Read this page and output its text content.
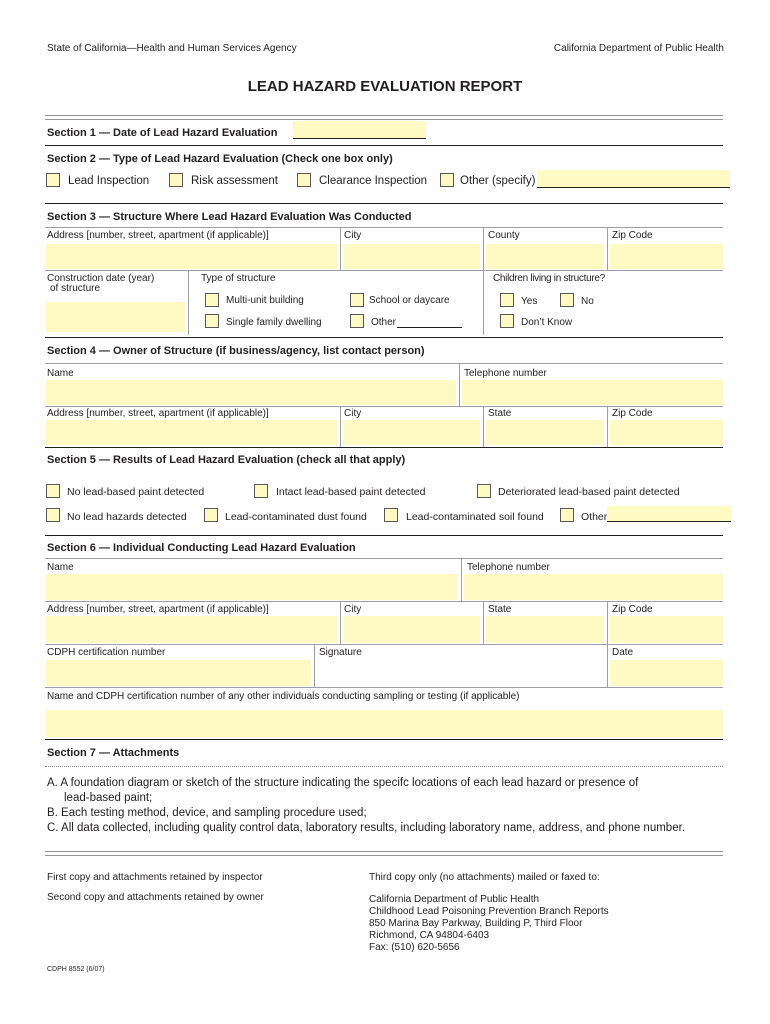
State of California—Health and Human Services Agency	California Department of Public Health
LEAD HAZARD EVALUATION REPORT
Section 1 — Date of Lead Hazard Evaluation
Section 2 — Type of Lead Hazard Evaluation (Check one box only)
Lead Inspection	Risk assessment	Clearance Inspection	Other (specify)
Section 3 — Structure Where Lead Hazard Evaluation Was Conducted
Address [number, street, apartment (if applicable)]	City	County	Zip Code
Construction date (year)
of structure
Type of structure
Multi-unit building	School or daycare
Single family dwelling	Other
Children living in structure?
Yes	No
Don’t Know
Section 4 — Owner of Structure (if business/agency, list contact person)
Name	Telephone number
Address [number, street, apartment (if applicable)]	City	State	Zip Code
Section 5 — Results of Lead Hazard Evaluation (check all that apply)
No lead-based paint detected	Intact lead-based paint detected	Deteriorated lead-based paint detected
No lead hazards detected	Lead-contaminated dust found	Lead-contaminated soil found	Other
Section 6 — Individual Conducting Lead Hazard Evaluation
Name	Telephone number
Address [number, street, apartment (if applicable)]	City	State	Zip Code
CDPH certification number	Signature	Date
Name and CDPH certification number of any other individuals conducting sampling or testing (if applicable)
Section 7 — Attachments
A. A foundation diagram or sketch of the structure indicating the specifc locations of each lead hazard or presence of
lead-based paint;
B. Each testing method, device, and sampling procedure used;
C. All data collected, including quality control data, laboratory results, including laboratory name, address, and phone number.
First copy and attachments retained by inspector
Second copy and attachments retained by owner
Third copy only (no attachments) mailed or faxed to:
California Department of Public Health
Childhood Lead Poisoning Prevention Branch Reports
850 Marina Bay Parkway, Building P, Third Floor
Richmond, CA 94804-6403
Fax: (510) 620-5656
CDPH 8552 (6/07)
